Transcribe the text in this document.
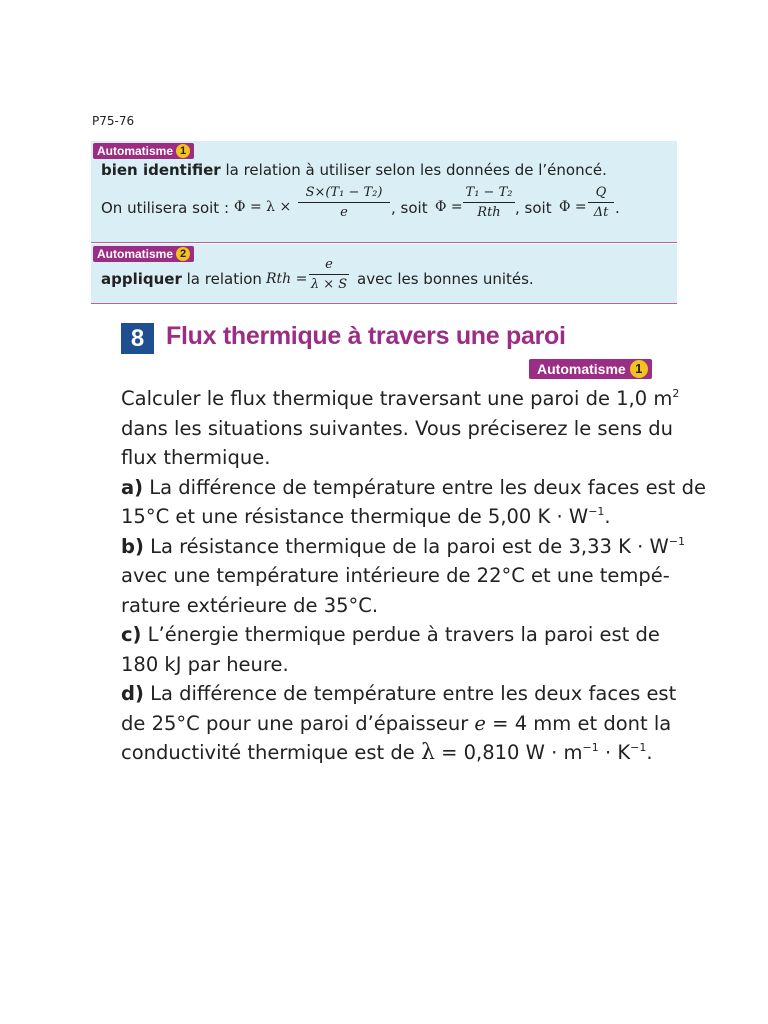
P75-76
Automatisme 1
bien identifier la relation à utiliser selon les données de l’énoncé.
On utilisera soit : Φ = λ ×
S×(T₁ − T₂)
e	, soit Φ =
T₁ − T₂
Rth , soit Φ =
Q
Δt .
Automatisme 2
appliquer la relation Rth =
e
λ × S avec les bonnes unités.
8 Flux thermique à travers une paroi
Automatisme 1

Calculer le flux thermique traversant une paroi de 1,0 $m^2$
dans les situations suivantes. Vous préciserez le sens du
flux thermique.

a) La différence de température entre les deux faces est de
15°C et une résistance thermique de 5,00 $K \cdot W^{-1}$.

b) La résistance thermique de la paroi est de 3,33 $K \cdot W^{-1}$
avec une température intérieure de 22°C et une tempé-
rature extérieure de 35°C.

c) L’énergie thermique perdue à travers la paroi est de
180 kJ par heure.

d) La différence de température entre les deux faces est
de 25°C pour une paroi d’épaisseur e = 4 mm et dont la
conductivité thermique est de λ = 0,810 $W \cdot m^{-1} \cdot K^{-1}$.
